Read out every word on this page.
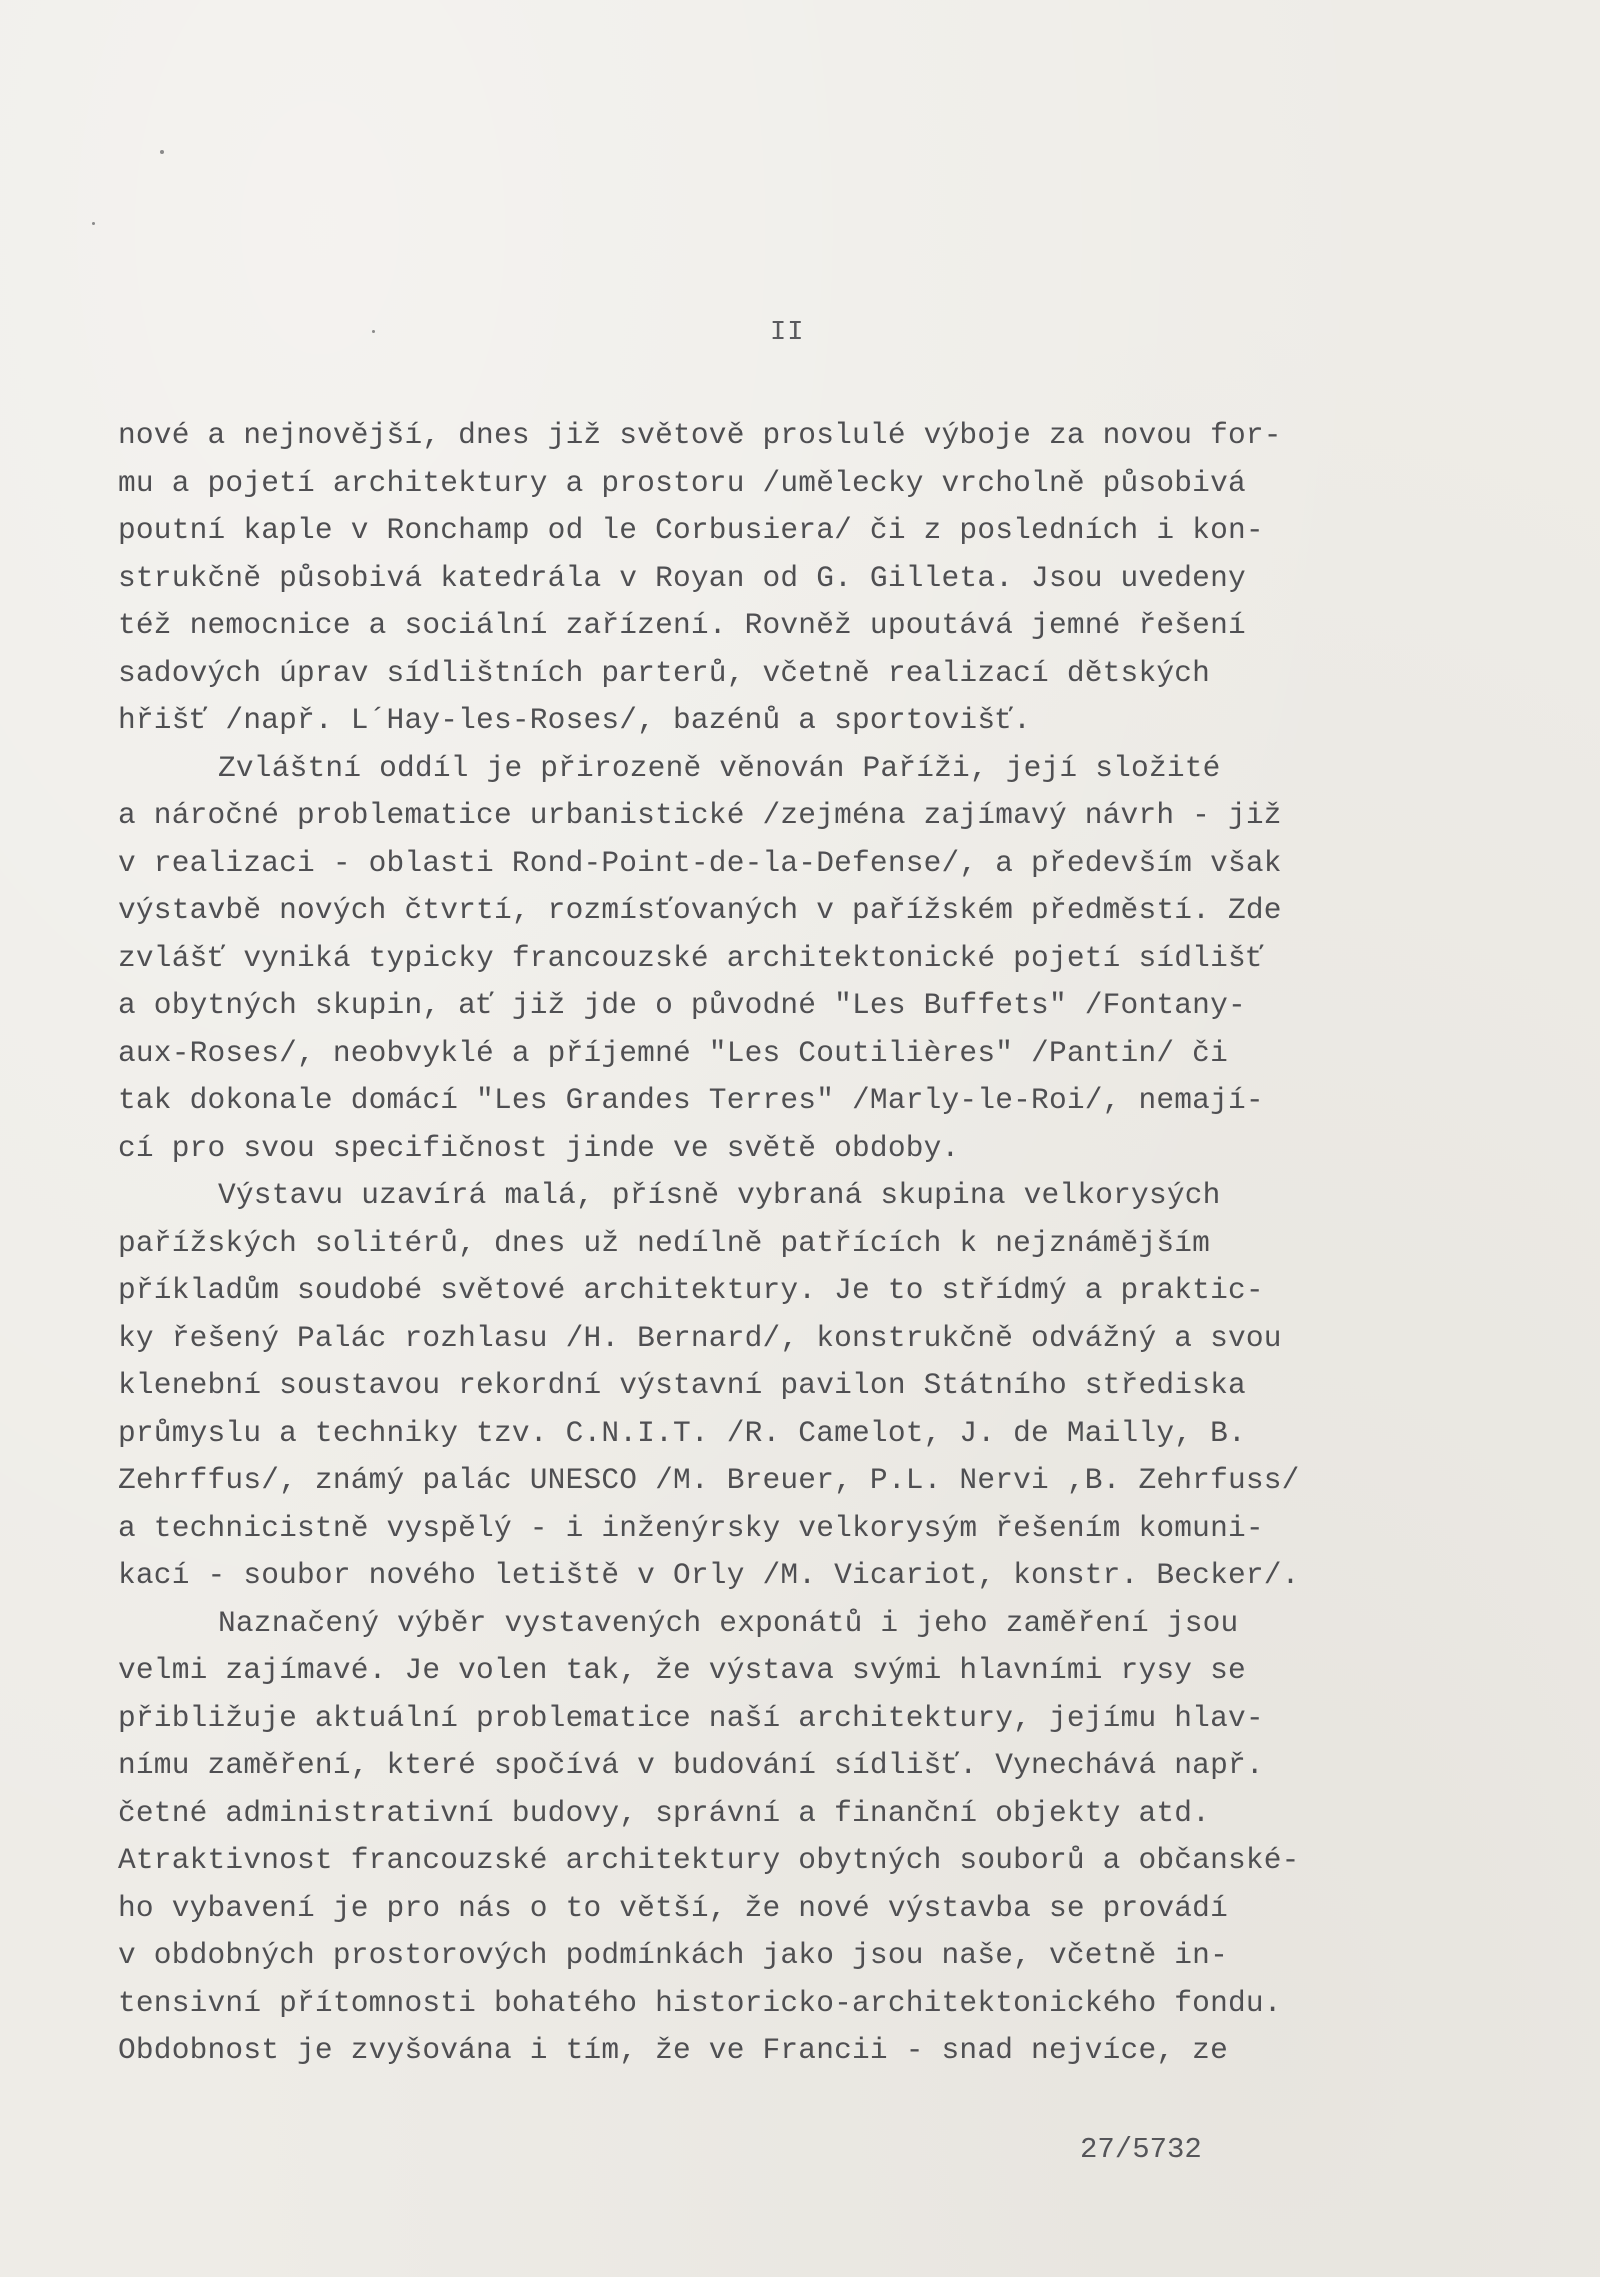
II
nové a nejnovější, dnes již světově proslulé výboje za novou for-
mu a pojetí architektury a prostoru /umělecky vrcholně působivá
poutní kaple v Ronchamp od le Corbusiera/ či z posledních i kon-
strukčně působivá katedrála v Royan od G. Gilleta. Jsou uvedeny
též nemocnice a sociální zařízení. Rovněž upoutává jemné řešení
sadových úprav sídlištních parterů, včetně realizací dětských
hřišť /např. L´Hay-les-Roses/, bazénů a sportovišť.
Zvláštní oddíl je přirozeně věnován Paříži, její složité
a náročné problematice urbanistické /zejména zajímavý návrh - již
v realizaci - oblasti Rond-Point-de-la-Defense/, a především však
výstavbě nových čtvrtí, rozmísťovaných v pařížském předměstí. Zde
zvlášť vyniká typicky francouzské architektonické pojetí sídlišť
a obytných skupin, ať již jde o původné "Les Buffets" /Fontany-
aux-Roses/, neobvyklé a příjemné "Les Coutilières" /Pantin/ či
tak dokonale domácí "Les Grandes Terres" /Marly-le-Roi/, nemají-
cí pro svou specifičnost jinde ve světě obdoby.
Výstavu uzavírá malá, přísně vybraná skupina velkorysých
pařížských solitérů, dnes už nedílně patřících k nejznámějším
příkladům soudobé světové architektury. Je to střídmý a praktic-
ky řešený Palác rozhlasu /H. Bernard/, konstrukčně odvážný a svou
klenební soustavou rekordní výstavní pavilon Státního střediska
průmyslu a techniky tzv. C.N.I.T. /R. Camelot, J. de Mailly, B.
Zehrffus/, známý palác UNESCO /M. Breuer, P.L. Nervi ,B. Zehrfuss/
a technicistně vyspělý - i inženýrsky velkorysým řešením komuni-
kací - soubor nového letiště v Orly /M. Vicariot, konstr. Becker/.
Naznačený výběr vystavených exponátů i jeho zaměření jsou
velmi zajímavé. Je volen tak, že výstava svými hlavními rysy se
přibližuje aktuální problematice naší architektury, jejímu hlav-
nímu zaměření, které spočívá v budování sídlišť. Vynechává např.
četné administrativní budovy, správní a finanční objekty atd.
Atraktivnost francouzské architektury obytných souborů a občanské-
ho vybavení je pro nás o to větší, že nové výstavba se provádí
v obdobných prostorových podmínkách jako jsou naše, včetně in-
tensivní přítomnosti bohatého historicko-architektonického fondu.
Obdobnost je zvyšována i tím, že ve Francii - snad nejvíce, ze
27/5732
